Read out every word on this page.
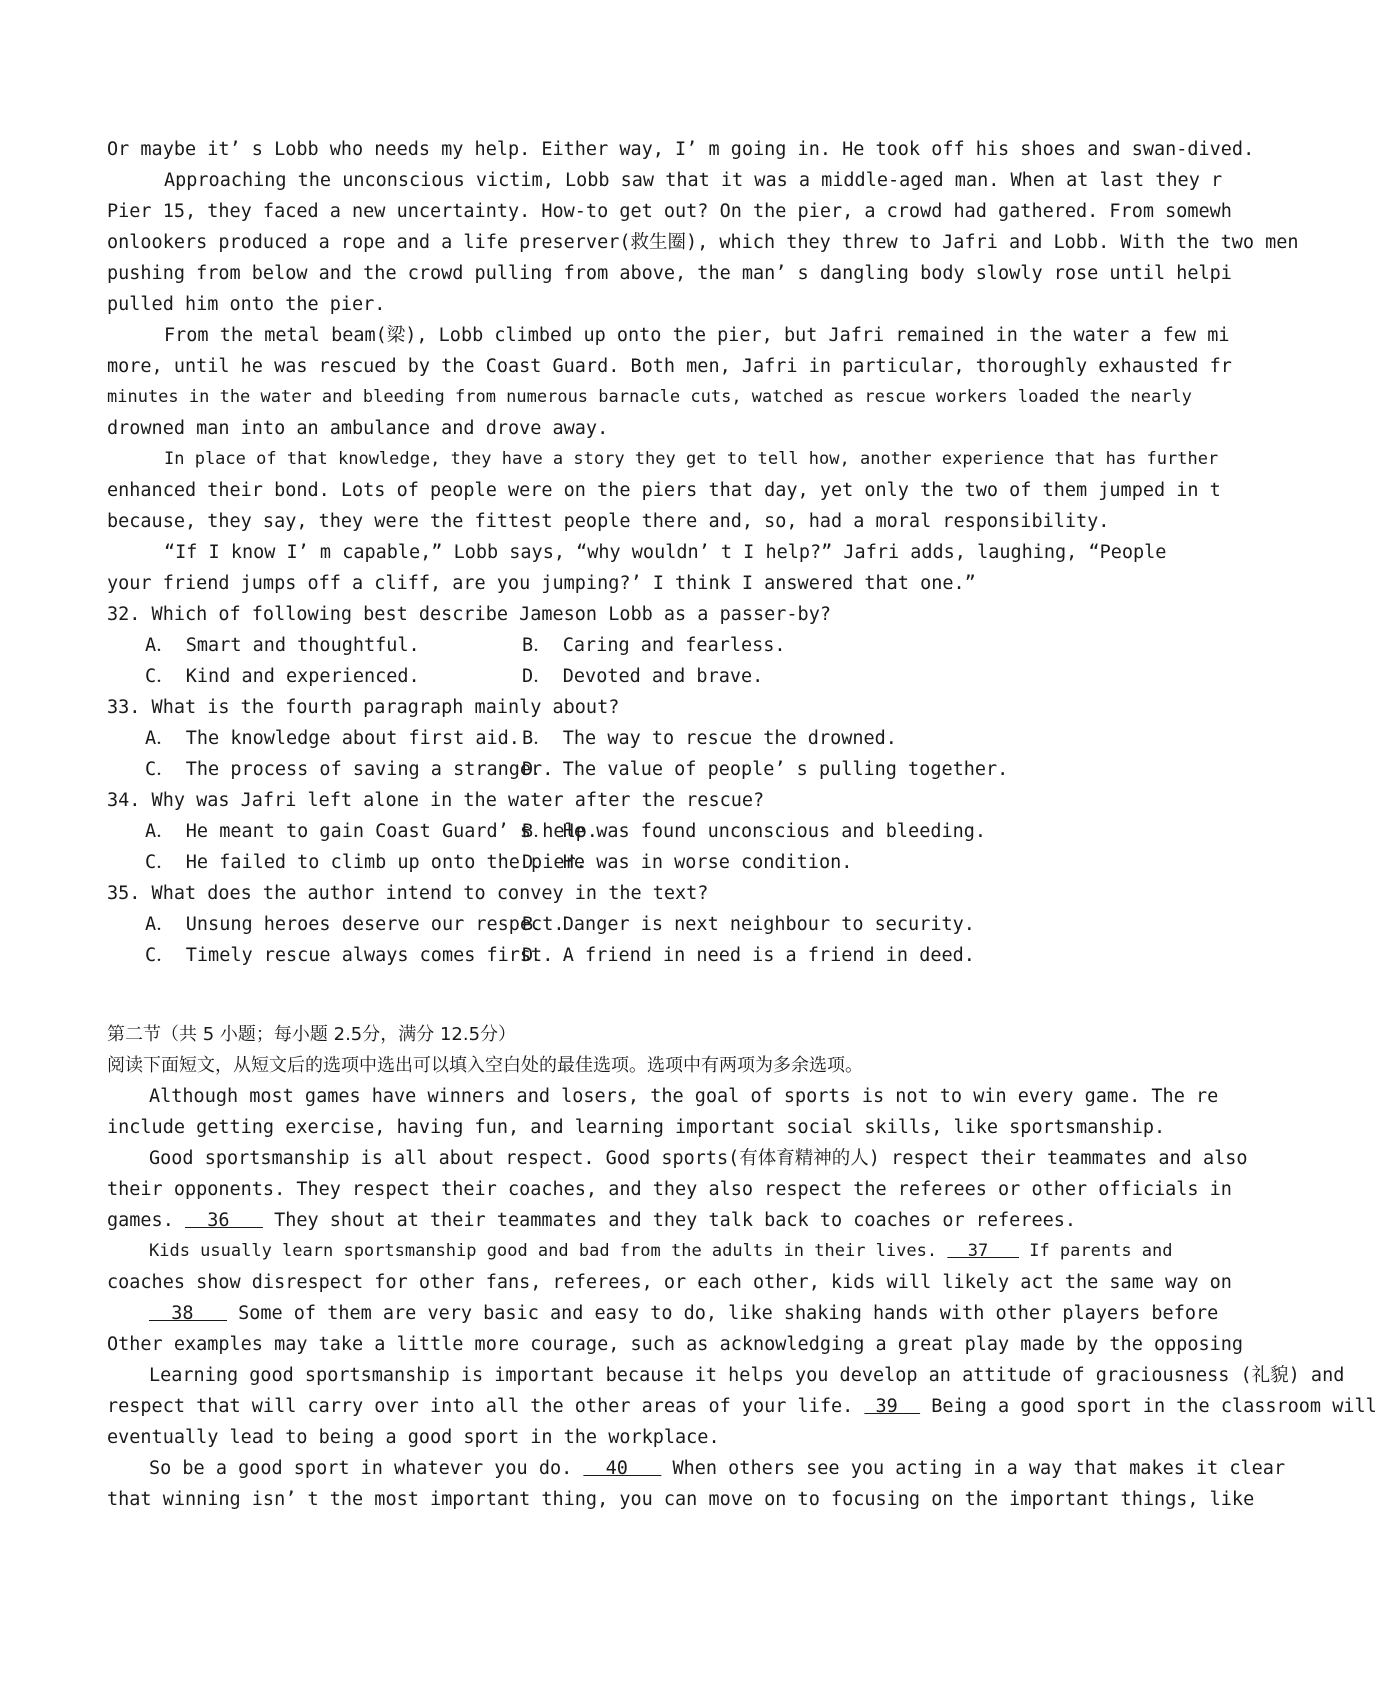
Or maybe it’ s Lobb who needs my help. Either way, I’ m going in. He took off his shoes and swan-dived.
Approaching the unconscious victim, Lobb saw that it was a middle-aged man. When at last they r
Pier 15, they faced a new uncertainty. How-to get out? On the pier, a crowd had gathered. From somewh
onlookers produced a rope and a life preserver(救生圈), which they threw to Jafri and Lobb. With the two men
pushing from below and the crowd pulling from above, the man’ s dangling body slowly rose until helpi
pulled him onto the pier.
From the metal beam(梁), Lobb climbed up onto the pier, but Jafri remained in the water a few mi
more, until he was rescued by the Coast Guard. Both men, Jafri in particular, thoroughly exhausted fr
minutes in the water and bleeding from numerous barnacle cuts, watched as rescue workers loaded the nearly
drowned man into an ambulance and drove away.
In place of that knowledge, they have a story they get to tell how, another experience that has further
enhanced their bond. Lots of people were on the piers that day, yet only the two of them jumped in t
because, they say, they were the fittest people there and, so, had a moral responsibility.
“If I know I’ m capable,” Lobb says, “why wouldn’ t I help?” Jafri adds, laughing, “People
your friend jumps off a cliff, are you jumping?’ I think I answered that one.”
32. Which of following best describe Jameson Lobb as a passer-by?
A． Smart and thoughtful.	B． Caring and fearless.
C． Kind and experienced.	D． Devoted and brave.
33. What is the fourth paragraph mainly about?
A． The knowledge about first aid. B． The way to rescue the drowned.
C． The process of saving a stranger.
D． The value of people’ s pulling together.
34. Why was Jafri left alone in the water after the rescue?
A． He meant to gain Coast Guard’ s help.
B． He was found unconscious and bleeding.
C． He failed to climb up onto the pier.
D． He was in worse condition.
35. What does the author intend to convey in the text?
A． Unsung heroes deserve our respect.
B． Danger is next neighbour to security.
C． Timely rescue always comes first.
D． A friend in need is a friend in deed.
第二节（共 5 小题；每小题 2.5分，满分 12.5分）
阅读下面短文，从短文后的选项中选出可以填入空白处的最佳选项。选项中有两项为多余选项。
Although most games have winners and losers, the goal of sports is not to win every game. The re
include getting exercise, having fun, and learning important social skills, like sportsmanship.
Good sportsmanship is all about respect. Good sports(有体育精神的人) respect their teammates and also
their opponents. They respect their coaches, and they also respect the referees or other officials in
games.   36    They shout at their teammates and they talk back to coaches or referees.
Kids usually learn sportsmanship good and bad from the adults in their lives.   37    If parents and
coaches show disrespect for other fans, referees, or each other, kids will likely act the same way on
38    Some of them are very basic and easy to do, like shaking hands with other players before
Other examples may take a little more courage, such as acknowledging a great play made by the opposing
Learning good sportsmanship is important because it helps you develop an attitude of graciousness (礼貌) and
respect that will carry over into all the other areas of your life.  39   Being a good sport in the classroom will
eventually lead to being a good sport in the workplace.
So be a good sport in whatever you do.   40    When others see you acting in a way that makes it clear
that winning isn’ t the most important thing, you can move on to focusing on the important things, like
